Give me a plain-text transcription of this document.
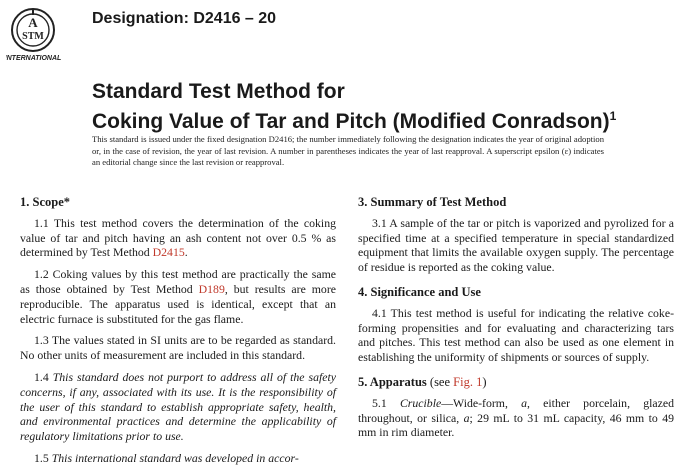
A
STM
INTERNATIONAL
Designation: D2416 – 20
Standard Test Method for
Coking Value of Tar and Pitch (Modified Conradson)$^1$
This standard is issued under the fixed designation D2416; the number immediately following the designation indicates the year of original adoption or, in the case of revision, the year of last revision. A number in parentheses indicates the year of last reapproval. A superscript epsilon (ε) indicates an editorial change since the last revision or reapproval.
1. Scope*

1.1 This test method covers the determination of the coking value of tar and pitch having an ash content not over 0.5 % as determined by Test Method D2415.

1.2 Coking values by this test method are practically the same as those obtained by Test Method D189, but results are more reproducible. The apparatus used is identical, except that an electric furnace is substituted for the gas flame.

1.3 The values stated in SI units are to be regarded as standard. No other units of measurement are included in this standard.

1.4 This standard does not purport to address all of the safety concerns, if any, associated with its use. It is the responsibility of the user of this standard to establish appropriate safety, health, and environmental practices and determine the applicability of regulatory limitations prior to use.

1.5 This international standard was developed in accor-

3. Summary of Test Method

3.1 A sample of the tar or pitch is vaporized and pyrolized for a specified time at a specified temperature in special standardized equipment that limits the available oxygen supply. The percentage of residue is reported as the coking value.

4. Significance and Use

4.1 This test method is useful for indicating the relative coke-forming propensities and for evaluating and characterizing tars and pitches. This test method can also be used as one element in establishing the uniformity of shipments or sources of supply.

5. Apparatus (see Fig. 1)

5.1 Crucible—Wide-form, a, either porcelain, glazed throughout, or silica, a; 29 mL to 31 mL capacity, 46 mm to 49 mm in rim diameter.
